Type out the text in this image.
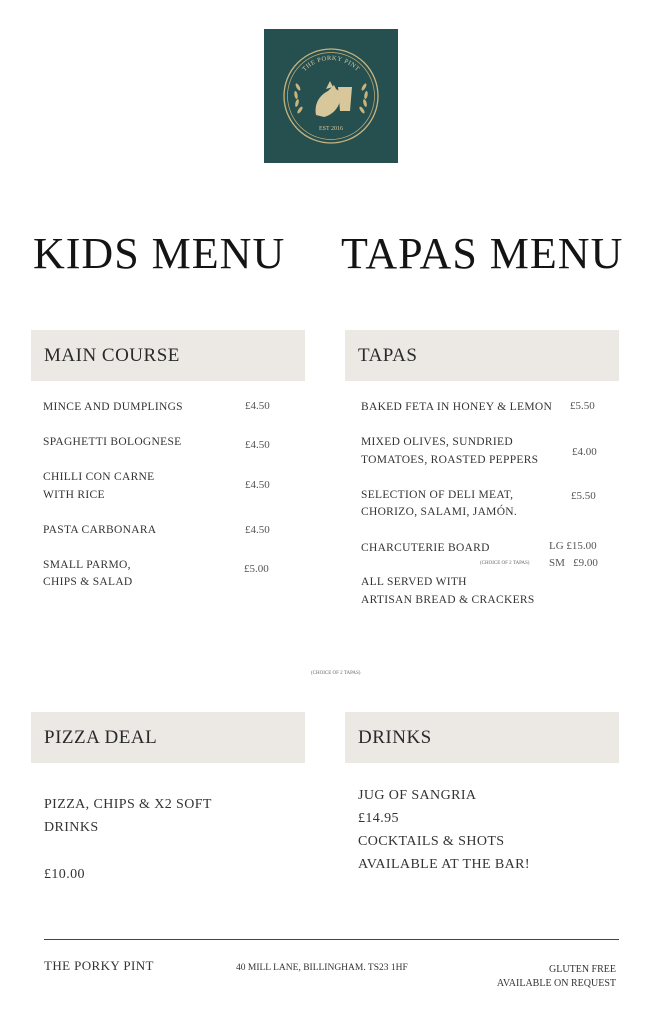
THE PORKY PINT
EST 2016
KIDS MENU TAPAS MENU
MAIN COURSE
MINCE AND DUMPLINGS	£4.50
SPAGHETTI BOLOGNESE	£4.50
CHILLI CON CARNE
WITH RICE
£4.50
PASTA CARBONARA	£4.50
SMALL PARMO,
CHIPS & SALAD
£5.00
TAPAS
BAKED FETA IN HONEY & LEMON £5.50
MIXED OLIVES, SUNDRIED
TOMATOES, ROASTED PEPPERS
£4.00
SELECTION OF DELI MEAT,
CHORIZO, SALAMI, JAMÓN.
£5.50
CHARCUTERIE BOARD	LG £15.00
SM   £9.00
(CHOICE OF 2 TAPAS)
ALL SERVED WITH
ARTISAN BREAD & CRACKERS
(CHOICE OF 2 TAPAS)
PIZZA DEAL
PIZZA, CHIPS & X2 SOFT
DRINKS
£10.00
DRINKS
JUG OF SANGRIA
£14.95
COCKTAILS & SHOTS
AVAILABLE AT THE BAR!
THE PORKY PINT	40 MILL LANE, BILLINGHAM. TS23 1HF	GLUTEN FREE
AVAILABLE ON REQUEST
